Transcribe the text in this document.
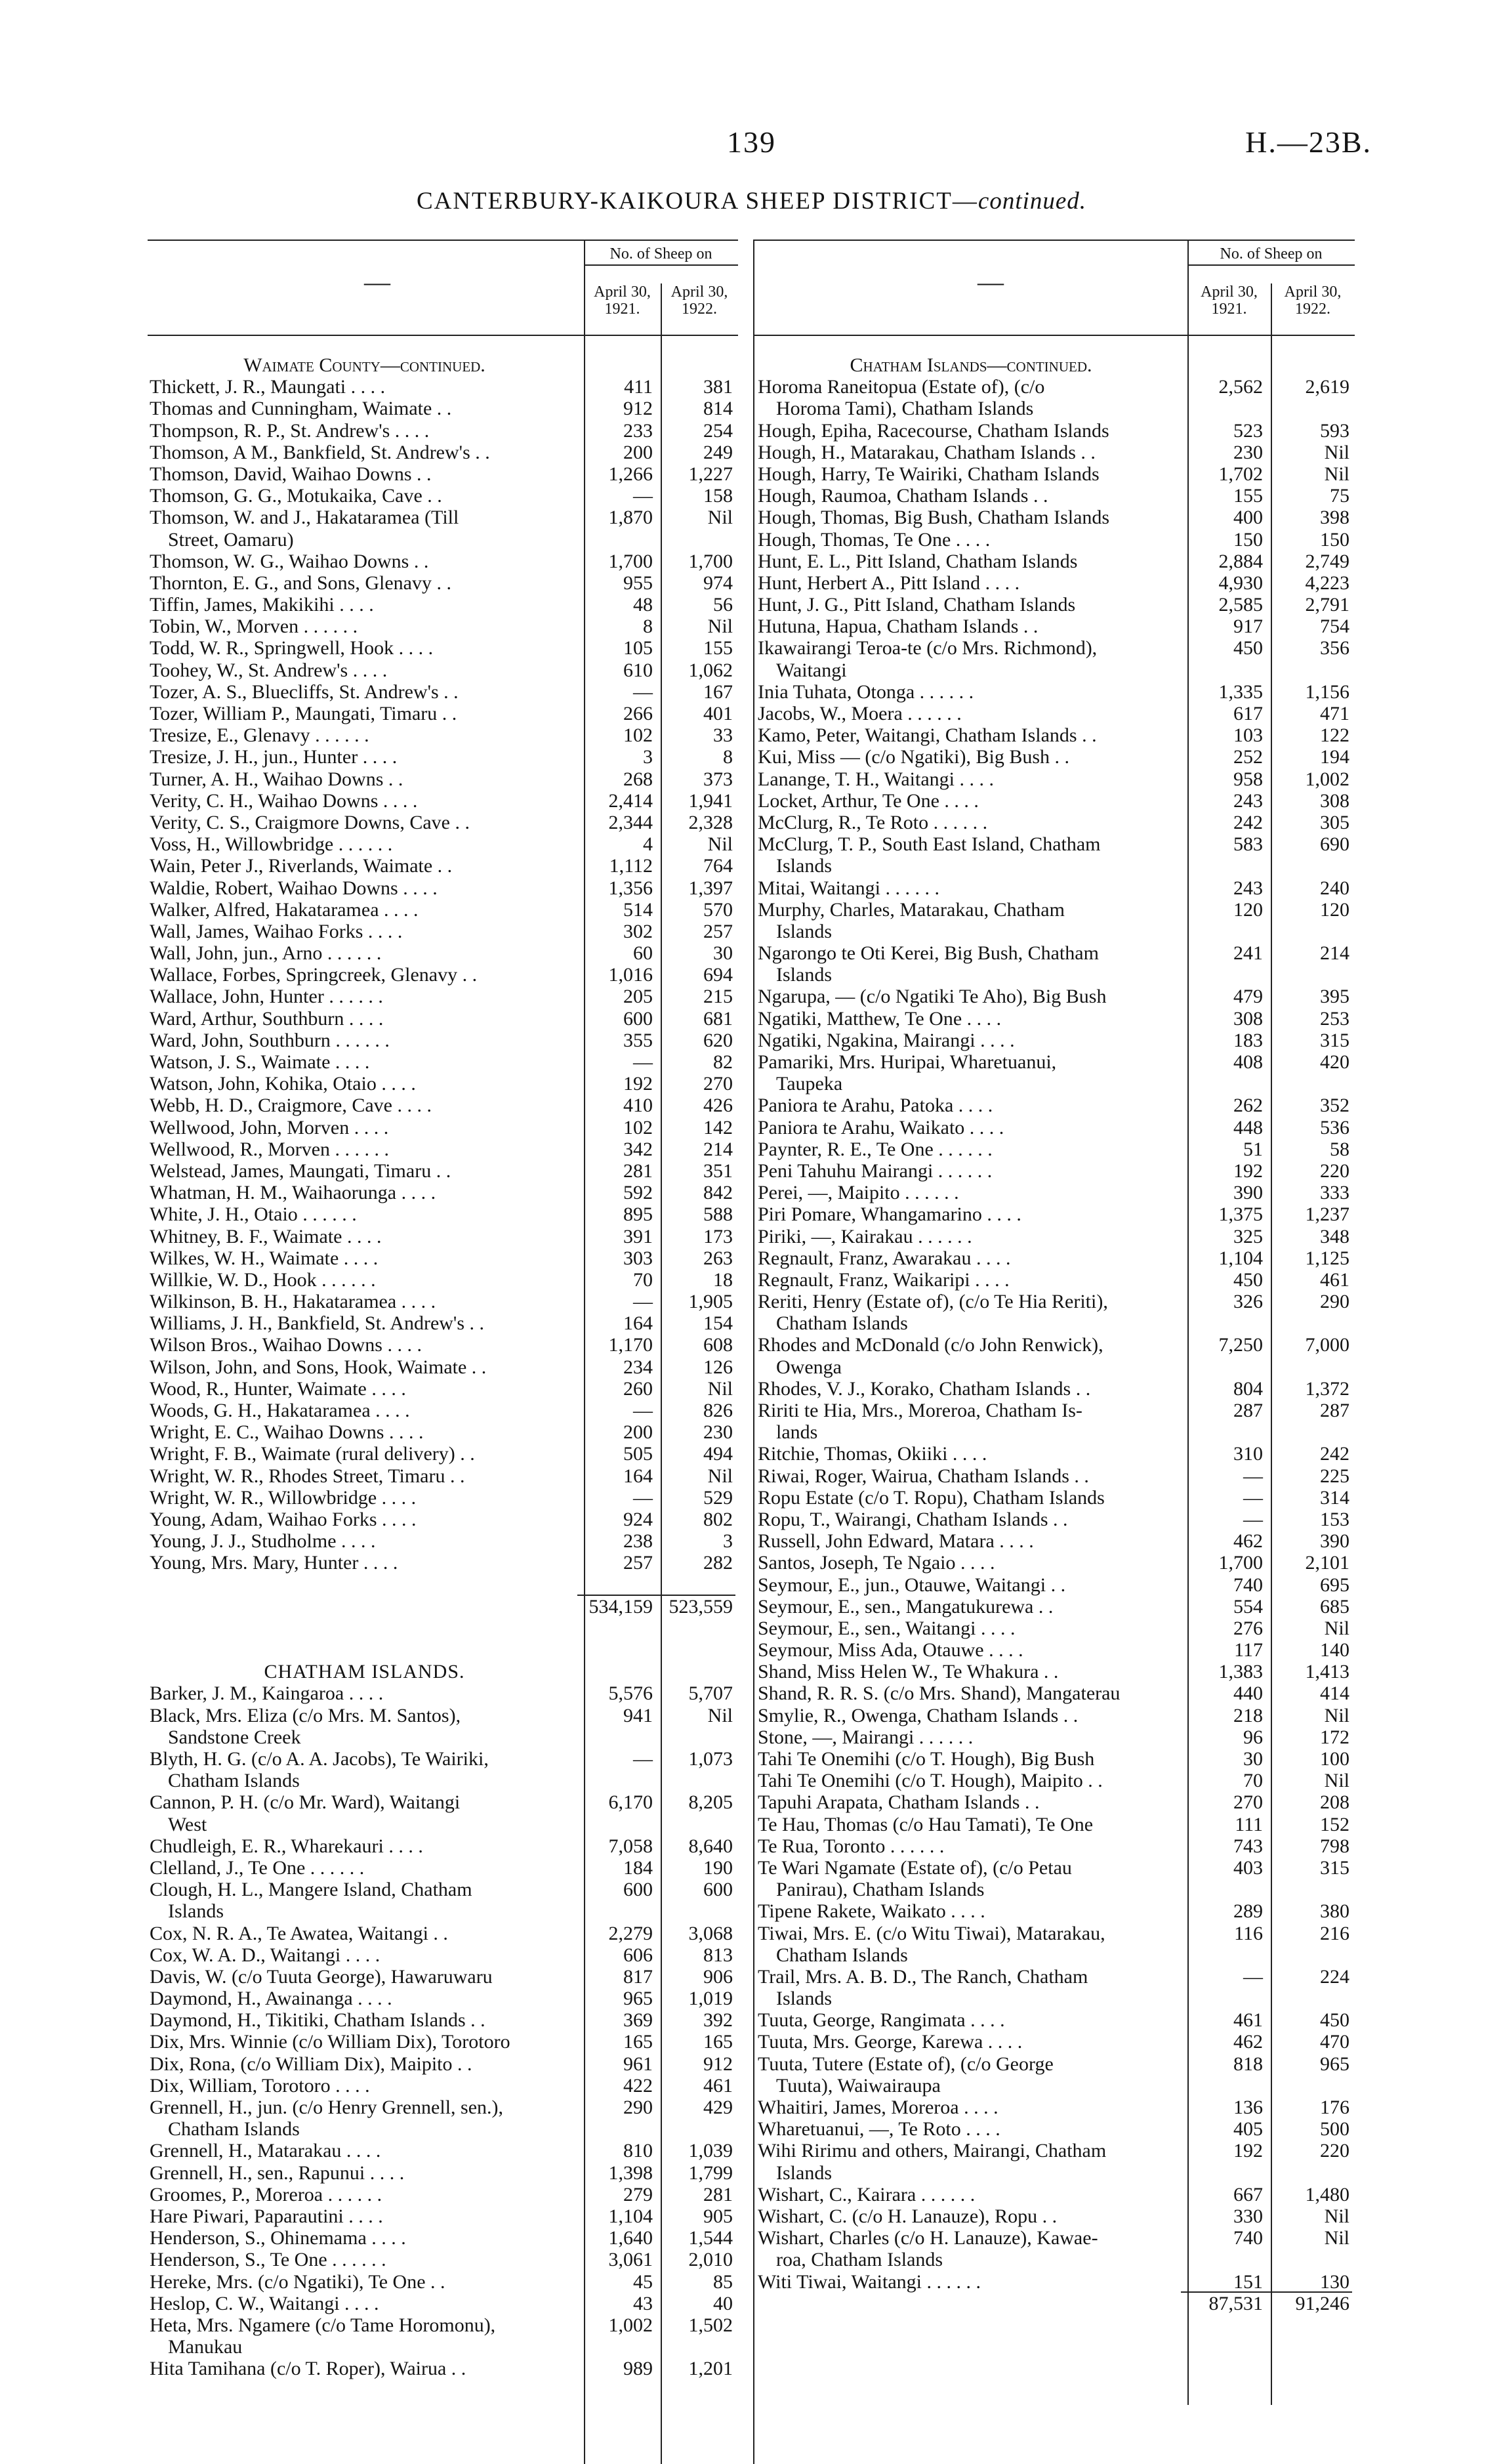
139	H.—23B.
CANTERBURY-KAIKOURA SHEEP DISTRICT—continued.
No. of Sheep on
April 30, 1921.
April 30, 1922.
—
No. of Sheep on
April 30, 1921.
April 30, 1922.
—
Waimate County—continued.
Thickett, J. R., Maungati . . . .	411	381
Thomas and Cunningham, Waimate . .	912	814
Thompson, R. P., St. Andrew's . . . .	233	254
Thomson, A M., Bankfield, St. Andrew's . .	200	249
Thomson, David, Waihao Downs . .	1,266	1,227
Thomson, G. G., Motukaika, Cave . .	—	158
Thomson, W. and J., Hakataramea (Till	1,870	Nil
Street, Oamaru)
Thomson, W. G., Waihao Downs . .	1,700	1,700
Thornton, E. G., and Sons, Glenavy . .	955	974
Tiffin, James, Makikihi . . . .	48	56
Tobin, W., Morven . . . . . .	8	Nil
Todd, W. R., Springwell, Hook . . . .	105	155
Toohey, W., St. Andrew's . . . .	610	1,062
Tozer, A. S., Bluecliffs, St. Andrew's . .	—	167
Tozer, William P., Maungati, Timaru . .	266	401
Tresize, E., Glenavy . . . . . .	102	33
Tresize, J. H., jun., Hunter . . . .	3	8
Turner, A. H., Waihao Downs . .	268	373
Verity, C. H., Waihao Downs . . . .	2,414	1,941
Verity, C. S., Craigmore Downs, Cave . .	2,344	2,328
Voss, H., Willowbridge . . . . . .	4	Nil
Wain, Peter J., Riverlands, Waimate . .	1,112	764
Waldie, Robert, Waihao Downs . . . .	1,356	1,397
Walker, Alfred, Hakataramea . . . .	514	570
Wall, James, Waihao Forks . . . .	302	257
Wall, John, jun., Arno . . . . . .	60	30
Wallace, Forbes, Springcreek, Glenavy . .	1,016	694
Wallace, John, Hunter . . . . . .	205	215
Ward, Arthur, Southburn . . . .	600	681
Ward, John, Southburn . . . . . .	355	620
Watson, J. S., Waimate . . . .	—	82
Watson, John, Kohika, Otaio . . . .	192	270
Webb, H. D., Craigmore, Cave . . . .	410	426
Wellwood, John, Morven . . . .	102	142
Wellwood, R., Morven . . . . . .	342	214
Welstead, James, Maungati, Timaru . .	281	351
Whatman, H. M., Waihaorunga . . . .	592	842
White, J. H., Otaio . . . . . .	895	588
Whitney, B. F., Waimate . . . .	391	173
Wilkes, W. H., Waimate . . . .	303	263
Willkie, W. D., Hook . . . . . .	70	18
Wilkinson, B. H., Hakataramea . . . .	—	1,905
Williams, J. H., Bankfield, St. Andrew's . .	164	154
Wilson Bros., Waihao Downs . . . .	1,170	608
Wilson, John, and Sons, Hook, Waimate . .	234	126
Wood, R., Hunter, Waimate . . . .	260	Nil
Woods, G. H., Hakataramea . . . .	—	826
Wright, E. C., Waihao Downs . . . .	200	230
Wright, F. B., Waimate (rural delivery) . .	505	494
Wright, W. R., Rhodes Street, Timaru . .	164	Nil
Wright, W. R., Willowbridge . . . .	—	529
Young, Adam, Waihao Forks . . . .	924	802
Young, J. J., Studholme . . . .	238	3
Young, Mrs. Mary, Hunter . . . .	257	282
534,159 523,559
CHATHAM ISLANDS.
Barker, J. M., Kaingaroa . . . .	5,576	5,707
Black, Mrs. Eliza (c/o Mrs. M. Santos),	941	Nil
Sandstone Creek
Blyth, H. G. (c/o A. A. Jacobs), Te Wairiki,	—	1,073
Chatham Islands
Cannon, P. H. (c/o Mr. Ward), Waitangi	6,170	8,205
West
Chudleigh, E. R., Wharekauri . . . .	7,058	8,640
Clelland, J., Te One . . . . . .	184	190
Clough, H. L., Mangere Island, Chatham	600	600
Islands
Cox, N. R. A., Te Awatea, Waitangi . .	2,279	3,068
Cox, W. A. D., Waitangi . . . .	606	813
Davis, W. (c/o Tuuta George), Hawaruwaru	817	906
Daymond, H., Awainanga . . . .	965	1,019
Daymond, H., Tikitiki, Chatham Islands . .	369	392
Dix, Mrs. Winnie (c/o William Dix), Torotoro	165	165
Dix, Rona, (c/o William Dix), Maipito . .	961	912
Dix, William, Torotoro . . . .	422	461
Grennell, H., jun. (c/o Henry Grennell, sen.),	290	429
Chatham Islands
Grennell, H., Matarakau . . . .	810	1,039
Grennell, H., sen., Rapunui . . . .	1,398	1,799
Groomes, P., Moreroa . . . . . .	279	281
Hare Piwari, Paparautini . . . .	1,104	905
Henderson, S., Ohinemama . . . .	1,640	1,544
Henderson, S., Te One . . . . . .	3,061	2,010
Hereke, Mrs. (c/o Ngatiki), Te One . .	45	85
Heslop, C. W., Waitangi . . . .	43	40
Heta, Mrs. Ngamere (c/o Tame Horomonu),	1,002	1,502
Manukau
Hita Tamihana (c/o T. Roper), Wairua . .	989	1,201
Chatham Islands—continued.
Horoma Raneitopua (Estate of), (c/o	2,562	2,619
Horoma Tami), Chatham Islands
Hough, Epiha, Racecourse, Chatham Islands	523	593
Hough, H., Matarakau, Chatham Islands . .	230	Nil
Hough, Harry, Te Wairiki, Chatham Islands	1,702	Nil
Hough, Raumoa, Chatham Islands . .	155	75
Hough, Thomas, Big Bush, Chatham Islands	400	398
Hough, Thomas, Te One . . . .	150	150
Hunt, E. L., Pitt Island, Chatham Islands	2,884	2,749
Hunt, Herbert A., Pitt Island . . . .	4,930	4,223
Hunt, J. G., Pitt Island, Chatham Islands	2,585	2,791
Hutuna, Hapua, Chatham Islands . .	917	754
Ikawairangi Teroa-te (c/o Mrs. Richmond),	450	356
Waitangi
Inia Tuhata, Otonga . . . . . .	1,335	1,156
Jacobs, W., Moera . . . . . .	617	471
Kamo, Peter, Waitangi, Chatham Islands . .	103	122
Kui, Miss — (c/o Ngatiki), Big Bush . .	252	194
Lanange, T. H., Waitangi . . . .	958	1,002
Locket, Arthur, Te One . . . .	243	308
McClurg, R., Te Roto . . . . . .	242	305
McClurg, T. P., South East Island, Chatham	583	690
Islands
Mitai, Waitangi . . . . . .	243	240
Murphy, Charles, Matarakau, Chatham	120	120
Islands
Ngarongo te Oti Kerei, Big Bush, Chatham	241	214
Islands
Ngarupa, — (c/o Ngatiki Te Aho), Big Bush	479	395
Ngatiki, Matthew, Te One . . . .	308	253
Ngatiki, Ngakina, Mairangi . . . .	183	315
Pamariki, Mrs. Huripai, Wharetuanui,	408	420
Taupeka
Paniora te Arahu, Patoka . . . .	262	352
Paniora te Arahu, Waikato . . . .	448	536
Paynter, R. E., Te One . . . . . .	51	58
Peni Tahuhu Mairangi . . . . . .	192	220
Perei, —, Maipito . . . . . .	390	333
Piri Pomare, Whangamarino . . . .	1,375	1,237
Piriki, —, Kairakau . . . . . .	325	348
Regnault, Franz, Awarakau . . . .	1,104	1,125
Regnault, Franz, Waikaripi . . . .	450	461
Reriti, Henry (Estate of), (c/o Te Hia Reriti),	326	290
Chatham Islands
Rhodes and McDonald (c/o John Renwick),	7,250	7,000
Owenga
Rhodes, V. J., Korako, Chatham Islands . .	804	1,372
Ririti te Hia, Mrs., Moreroa, Chatham Is-	287	287
lands
Ritchie, Thomas, Okiiki . . . .	310	242
Riwai, Roger, Wairua, Chatham Islands . .	—	225
Ropu Estate (c/o T. Ropu), Chatham Islands	—	314
Ropu, T., Wairangi, Chatham Islands . .	—	153
Russell, John Edward, Matara . . . .	462	390
Santos, Joseph, Te Ngaio . . . .	1,700	2,101
Seymour, E., jun., Otauwe, Waitangi . .	740	695
Seymour, E., sen., Mangatukurewa . .	554	685
Seymour, E., sen., Waitangi . . . .	276	Nil
Seymour, Miss Ada, Otauwe . . . .	117	140
Shand, Miss Helen W., Te Whakura . .	1,383	1,413
Shand, R. R. S. (c/o Mrs. Shand), Mangaterau	440	414
Smylie, R., Owenga, Chatham Islands . .	218	Nil
Stone, —, Mairangi . . . . . .	96	172
Tahi Te Onemihi (c/o T. Hough), Big Bush	30	100
Tahi Te Onemihi (c/o T. Hough), Maipito . .	70	Nil
Tapuhi Arapata, Chatham Islands . .	270	208
Te Hau, Thomas (c/o Hau Tamati), Te One	111	152
Te Rua, Toronto . . . . . .	743	798
Te Wari Ngamate (Estate of), (c/o Petau	403	315
Panirau), Chatham Islands
Tipene Rakete, Waikato . . . .	289	380
Tiwai, Mrs. E. (c/o Witu Tiwai), Matarakau,	116	216
Chatham Islands
Trail, Mrs. A. B. D., The Ranch, Chatham	—	224
Islands
Tuuta, George, Rangimata . . . .	461	450
Tuuta, Mrs. George, Karewa . . . .	462	470
Tuuta, Tutere (Estate of), (c/o George	818	965
Tuuta), Waiwairaupa
Whaitiri, James, Moreroa . . . .	136	176
Wharetuanui, —, Te Roto . . . .	405	500
Wihi Ririmu and others, Mairangi, Chatham	192	220
Islands
Wishart, C., Kairara . . . . . .	667	1,480
Wishart, C. (c/o H. Lanauze), Ropu . .	330	Nil
Wishart, Charles (c/o H. Lanauze), Kawae-	740	Nil
roa, Chatham Islands
Witi Tiwai, Waitangi . . . . . .	151	130
87,531	91,246
